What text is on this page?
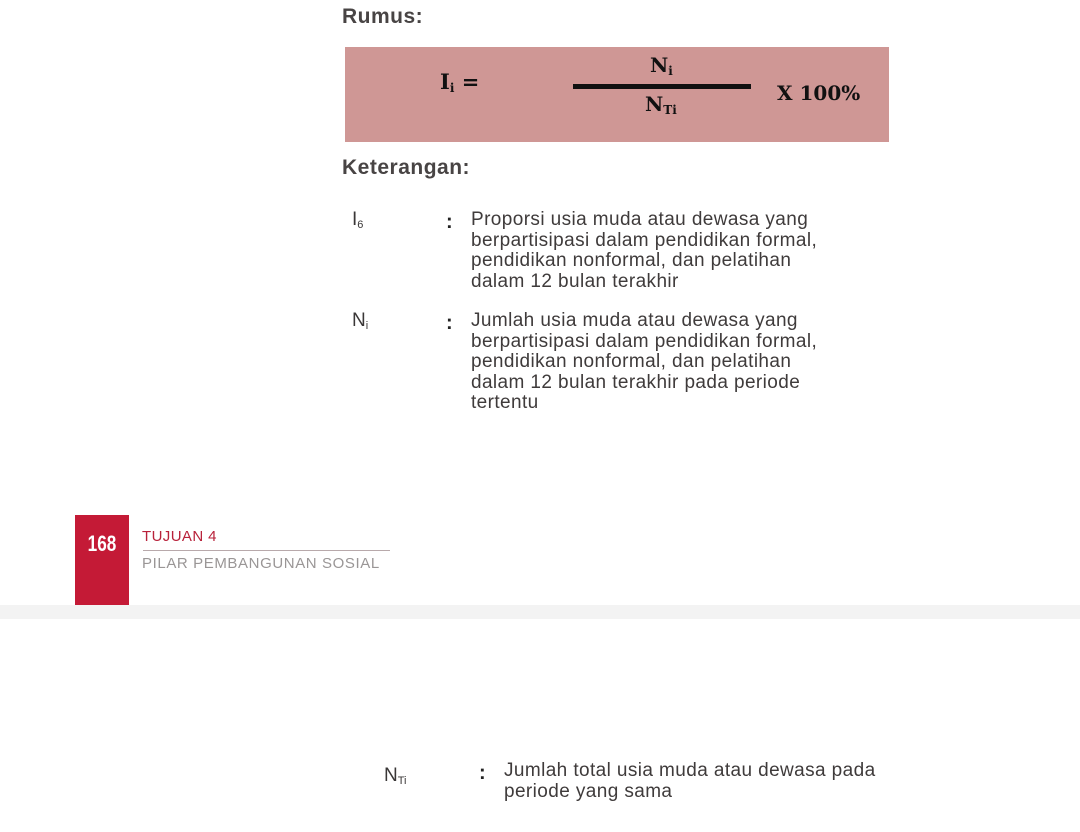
Rumus:
$I_i$ =
$N_i$
$N_{Ti}$
X 100%
Keterangan:
$I_6$	: Proporsi usia muda atau dewasa yang
berpartisipasi dalam pendidikan formal,
pendidikan nonformal, dan pelatihan
dalam 12 bulan terakhir
$N_i$	: Jumlah usia muda atau dewasa yang
berpartisipasi dalam pendidikan formal,
pendidikan nonformal, dan pelatihan
dalam 12 bulan terakhir pada periode
tertentu
168	TUJUAN 4
PILAR PEMBANGUNAN SOSIAL
$N_{Ti}$	: Jumlah total usia muda atau dewasa pada
periode yang sama
